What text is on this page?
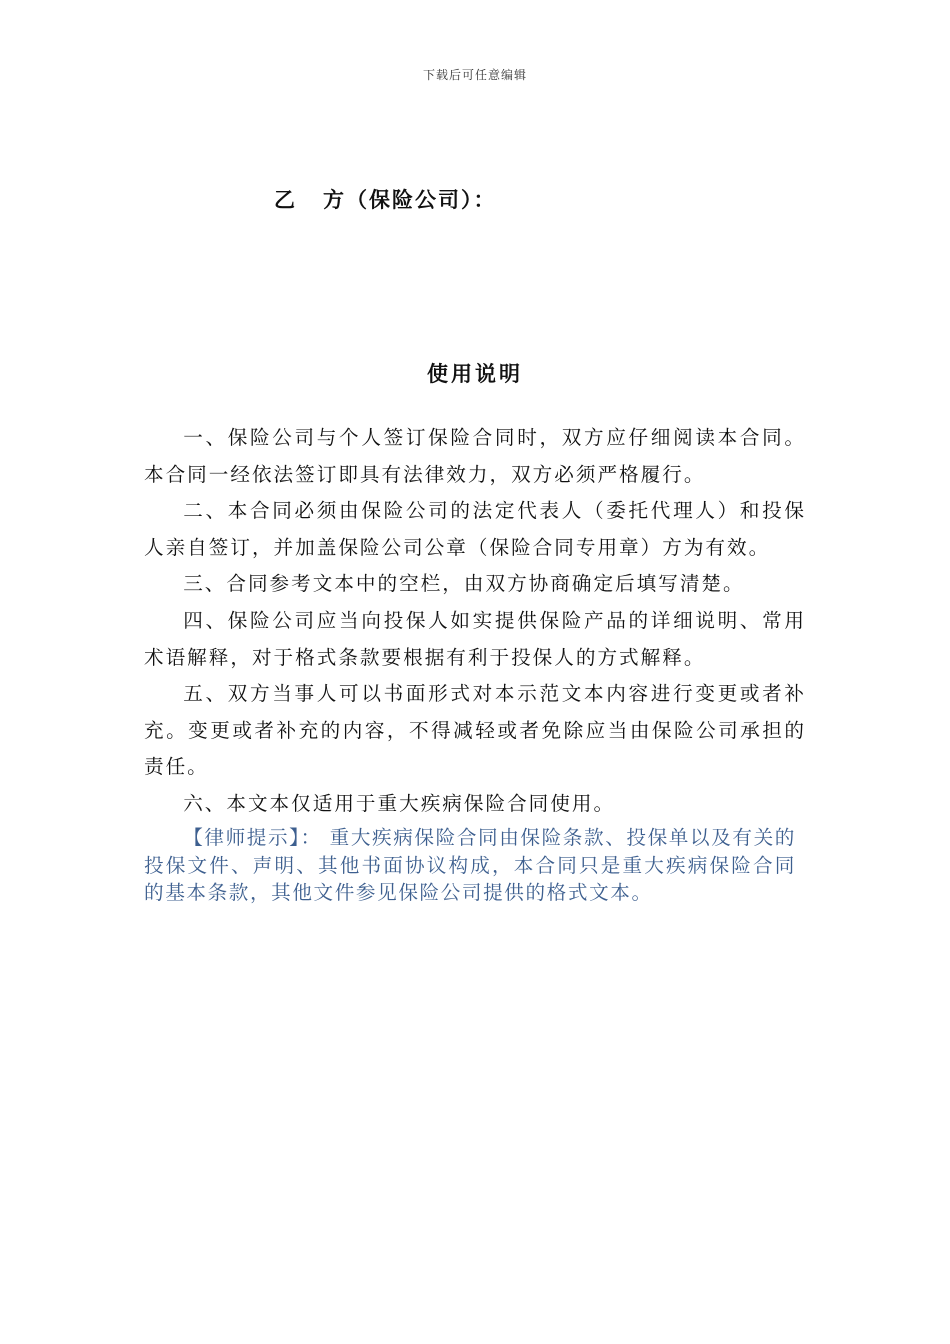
下载后可任意编辑
乙 方（保险公司）：
使用说明

一、保险公司与个人签订保险合同时，双方应仔细阅读本合同。本合同一经依法签订即具有法律效力，双方必须严格履行。

二、本合同必须由保险公司的法定代表人（委托代理人）和投保人亲自签订，并加盖保险公司公章（保险合同专用章）方为有效。

三、合同参考文本中的空栏，由双方协商确定后填写清楚。

四、保险公司应当向投保人如实提供保险产品的详细说明、常用术语解释，对于格式条款要根据有利于投保人的方式解释。

五、双方当事人可以书面形式对本示范文本内容进行变更或者补充。变更或者补充的内容，不得减轻或者免除应当由保险公司承担的责任。

六、本文本仅适用于重大疾病保险合同使用。

【律师提示】： 重大疾病保险合同由保险条款、投保单以及有关的投保文件、声明、其他书面协议构成，本合同只是重大疾病保险合同的基本条款，其他文件参见保险公司提供的格式文本。
